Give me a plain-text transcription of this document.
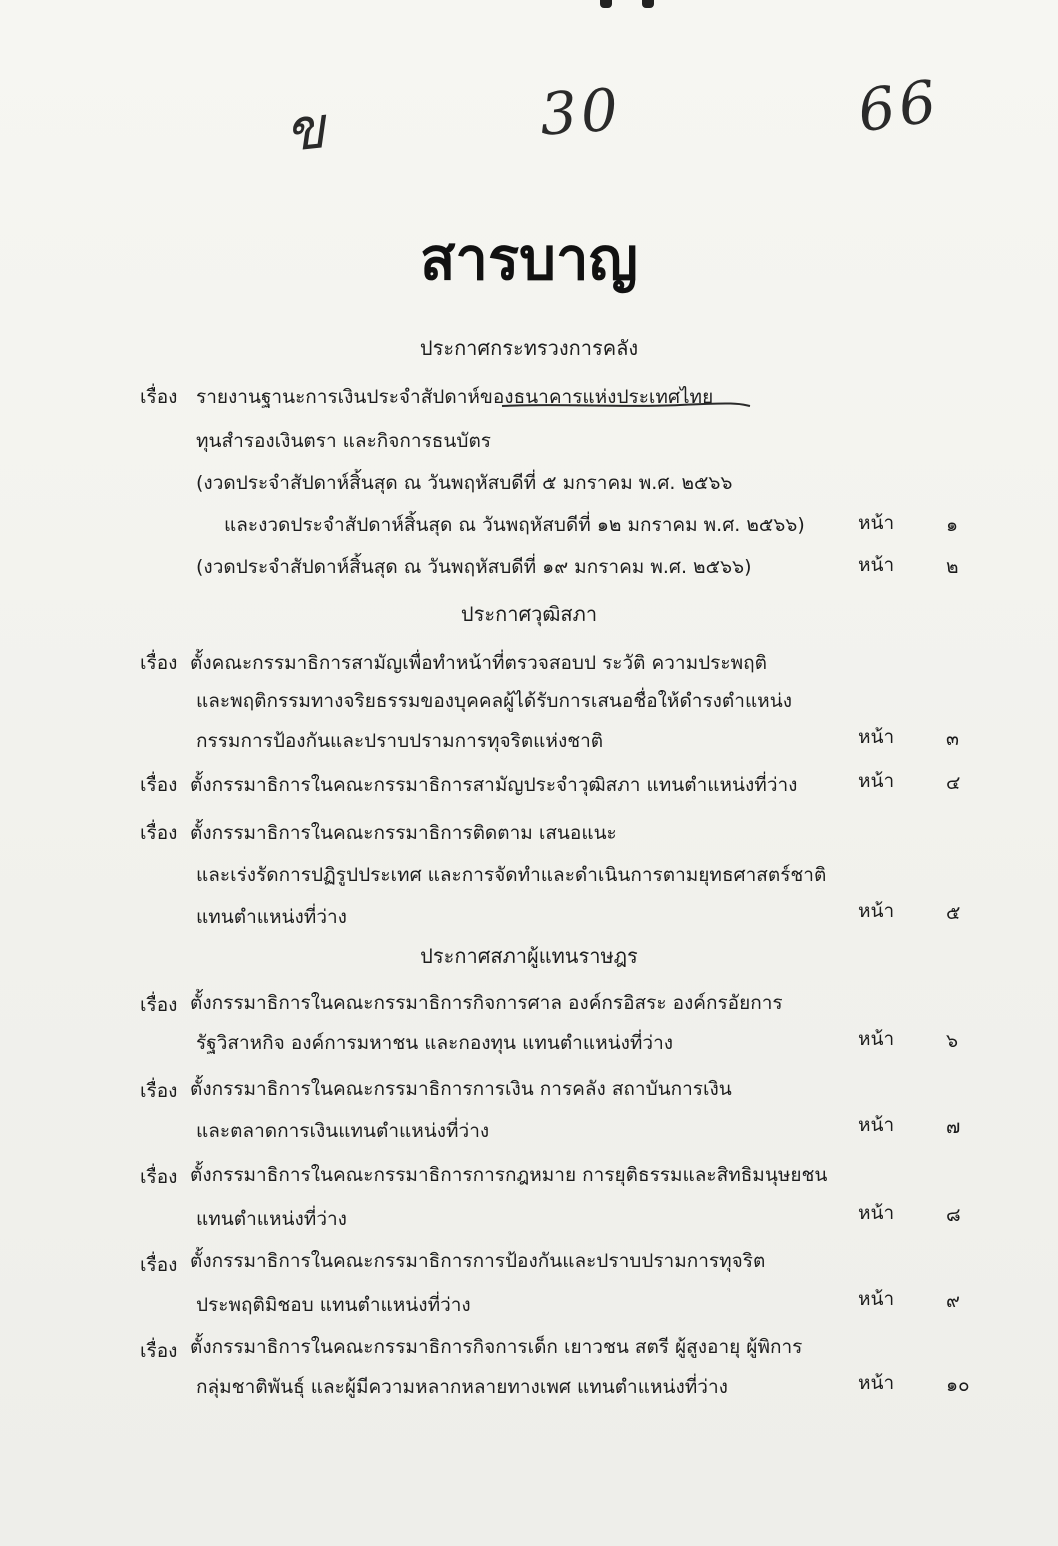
ข	30	66
สารบาญ
ประกาศกระทรวงการคลัง
เรื่อง รายงานฐานะการเงินประจำสัปดาห์ของธนาคารแห่งประเทศไทย
ทุนสำรองเงินตรา และกิจการธนบัตร
(งวดประจำสัปดาห์สิ้นสุด ณ วันพฤหัสบดีที่ ๕ มกราคม พ.ศ. ๒๕๖๖
และงวดประจำสัปดาห์สิ้นสุด ณ วันพฤหัสบดีที่ ๑๒ มกราคม พ.ศ. ๒๕๖๖)	หน้า	๑
(งวดประจำสัปดาห์สิ้นสุด ณ วันพฤหัสบดีที่ ๑๙ มกราคม พ.ศ. ๒๕๖๖)	หน้า	๒
ประกาศวุฒิสภา
เรื่อง ตั้งคณะกรรมาธิการสามัญเพื่อทำหน้าที่ตรวจสอบป ระวัติ ความประพฤติ
และพฤติกรรมทางจริยธรรมของบุคคลผู้ได้รับการเสนอชื่อให้ดำรงตำแหน่ง
กรรมการป้องกันและปราบปรามการทุจริตแห่งชาติ	หน้า	๓
เรื่อง ตั้งกรรมาธิการในคณะกรรมาธิการสามัญประจำวุฒิสภา แทนตำแหน่งที่ว่าง	หน้า	๔
เรื่อง ตั้งกรรมาธิการในคณะกรรมาธิการติดตาม เสนอแนะ
และเร่งรัดการปฏิรูปประเทศ และการจัดทำและดำเนินการตามยุทธศาสตร์ชาติ
แทนตำแหน่งที่ว่าง	หน้า	๕
ประกาศสภาผู้แทนราษฎร
เรื่อง ตั้งกรรมาธิการในคณะกรรมาธิการกิจการศาล องค์กรอิสระ องค์กรอัยการ
รัฐวิสาหกิจ องค์การมหาชน และกองทุน แทนตำแหน่งที่ว่าง	หน้า	๖
เรื่อง ตั้งกรรมาธิการในคณะกรรมาธิการการเงิน การคลัง สถาบันการเงิน
และตลาดการเงินแทนตำแหน่งที่ว่าง	หน้า	๗
เรื่อง ตั้งกรรมาธิการในคณะกรรมาธิการการกฎหมาย การยุติธรรมและสิทธิมนุษยชน
แทนตำแหน่งที่ว่าง	หน้า	๘
เรื่อง ตั้งกรรมาธิการในคณะกรรมาธิการการป้องกันและปราบปรามการทุจริต
ประพฤติมิชอบ แทนตำแหน่งที่ว่าง	หน้า	๙
เรื่อง ตั้งกรรมาธิการในคณะกรรมาธิการกิจการเด็ก เยาวชน สตรี ผู้สูงอายุ ผู้พิการ
กลุ่มชาติพันธุ์ และผู้มีความหลากหลายทางเพศ แทนตำแหน่งที่ว่าง	หน้า	๑๐
